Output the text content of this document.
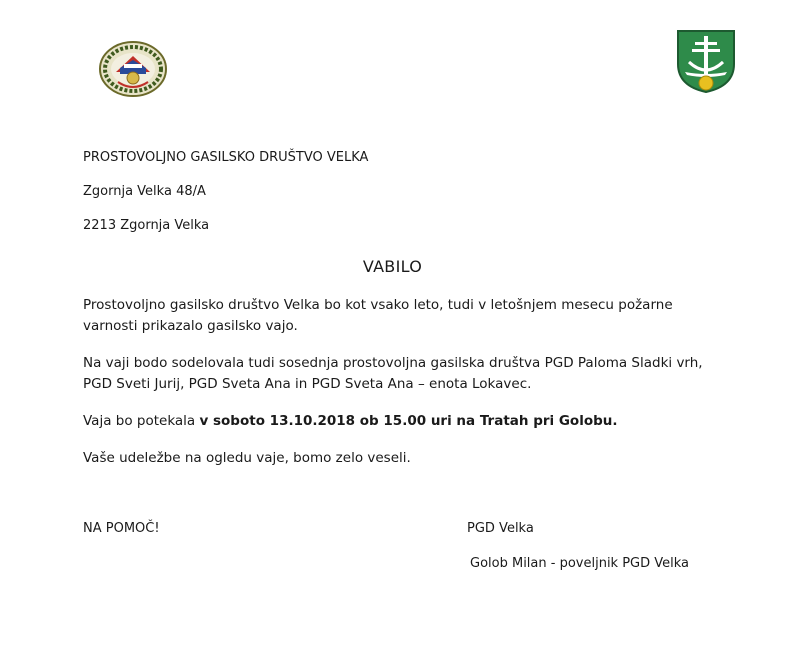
PROSTOVOLJNO GASILSKO DRUŠTVO VELKA
Zgornja Velka 48/A
2213 Zgornja Velka
VABILO
Prostovoljno gasilsko društvo Velka bo kot vsako leto, tudi v letošnjem mesecu požarne varnosti prikazalo gasilsko vajo.
Na vaji bodo sodelovala tudi sosednja prostovoljna gasilska društva PGD Paloma Sladki vrh, PGD Sveti Jurij, PGD Sveta Ana in PGD Sveta Ana – enota Lokavec.
Vaja bo potekala v soboto 13.10.2018 ob 15.00 uri na Tratah pri Golobu.
Vaše udeležbe na ogledu vaje, bomo zelo veseli.
NA POMOČ!	PGD Velka
Golob Milan - poveljnik PGD Velka
